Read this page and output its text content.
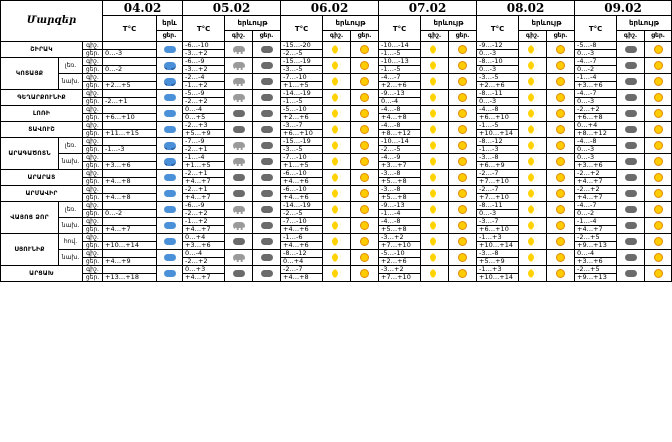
Մարզեր			04.02		05.02			06.02			07.02			08.02			09.02		
			T°C	երև	T°C	երևույթ		T°C	երևույթ		T°C	երևույթ		T°C	երևույթ		T°C	երևույթ	
				ցեր.		գիշ.	ցեր.		գիշ.	ցեր.		գիշ.	ցեր.		գիշ.	ցեր.		գիշ.	ցեր.
ՇԻՐԱԿ		գիշ.			-6…-10			-15…-20			-10…-14			-9…-12			-5…-8	

		ցեր.	0…-3		-3…+2			-2…-5			-1…-5			0…-3			0…-3		
ԿՈՏԱՅՔ	լեռ.	գիշ.			-6…-9			-15…-19			-10…-13			-8…-10			-4…-7	

		ցեր.	0…-2		-3…+2			-3…-5			-1…-5			0…-3			0…-2		
	նախ.	գիշ.			-2…-4			-7…-10			-4…-7			-3…-5			-1…-4	

		ցեր.	+2…+5		-1…+2			+1…+5			+2…+6			+2…+6			+3…+6		
ԳԵՂԱՐՔՈՒՆԻՔ		գիշ.			-5…-9			-14…-19			-9…-13			-8…-11			-4…-7	

		ցեր.	-2…+1		-2…+2			-1…-5			0…-4			0…-3			0…-3		
ԼՈՌԻ		գիշ.			0…-4			-5…-10			-4…-8			-4…-8			-2…+2	

		ցեր.	+6…+10		0…+5			+2…+6			+4…+8			+6…+10			+6…+8		
ՏԱՎՈՒՇ		գիշ.			-2…+3			-3…-7			-4…-8			-1…-5			0…+4	

		ցեր.	+11…+15		+5…+9			+6…+10			+8…+12			+10…+14			+8…+12		
ԱՐԱԳԱԾՈՏՆ	լեռ.	գիշ.			-7…-9			-15…-19			-10…-14			-8…-12			-4…-8	

		ցեր.	-1…-3		-2…+1			-3…-5			-2…-5			-1…-3			0…-3		
	նախ.	գիշ.			-1…-4			-7…-10			-4…-9			-3…-8			0…-3	

		ցեր.	+3…+6		+1…+5			+1…+5			+3…+7			+6…+9			+3…+6		
ԱՐԱՐԱՏ		գիշ.			-2…+1			-6…-10			-3…-8			-2…-7			-2…+2	

		ցեր.	+4…+8		+4…+7			+4…+6			+5…+8			+7…+10			+4…+7		
ԱՐՄԱՎԻՐ		գիշ.			-2…+1			-6…-10			-3…-8			-2…-7			-2…+2	

		ցեր.	+4…+8		+4…+7			+4…+6			+5…+8			+7…+10			+4…+7		
ՎԱՅՈՑ ՁՈՐ	լեռ.	գիշ.			-6…-9			-14…-19			-9…-13			-8…-11			-4…-7	

		ցեր.	0…-2		-2…+2			-2…-5			-1…-4			0…-3			0…-2		
	նախ.	գիշ.			-1…+2			-7…-10			-4…-8			-3…-7			-1…-4	

		ցեր.	+4…+7		+4…+7			+4…+6			+5…+8			+6…+10			+4…+7		
ՍՅՈՒՆԻՔ	հով.	գիշ.			0…+4			-1…-6			-3…+2			-1…+3			-2…+5	

		ցեր.	+10…+14		+3…+6			+4…+6			+7…+10			+10…+14			+9…+13		
	նախ.	գիշ.			0…-4			-8…-12			-5…-10			-3…-8			0…-4	

		ցեր.	+4…+9		-2…+2			0…+4			+2…+6			+5…+9			+3…+6		
ԱՐՑԱԽ		գիշ.			0…+3			-2…-7			-3…+2			-1…+3			-2…+5	

		ցեր.	+13…+18		+4…+7			+4…+8			+7…+10			+10…+14			+9…+13		
